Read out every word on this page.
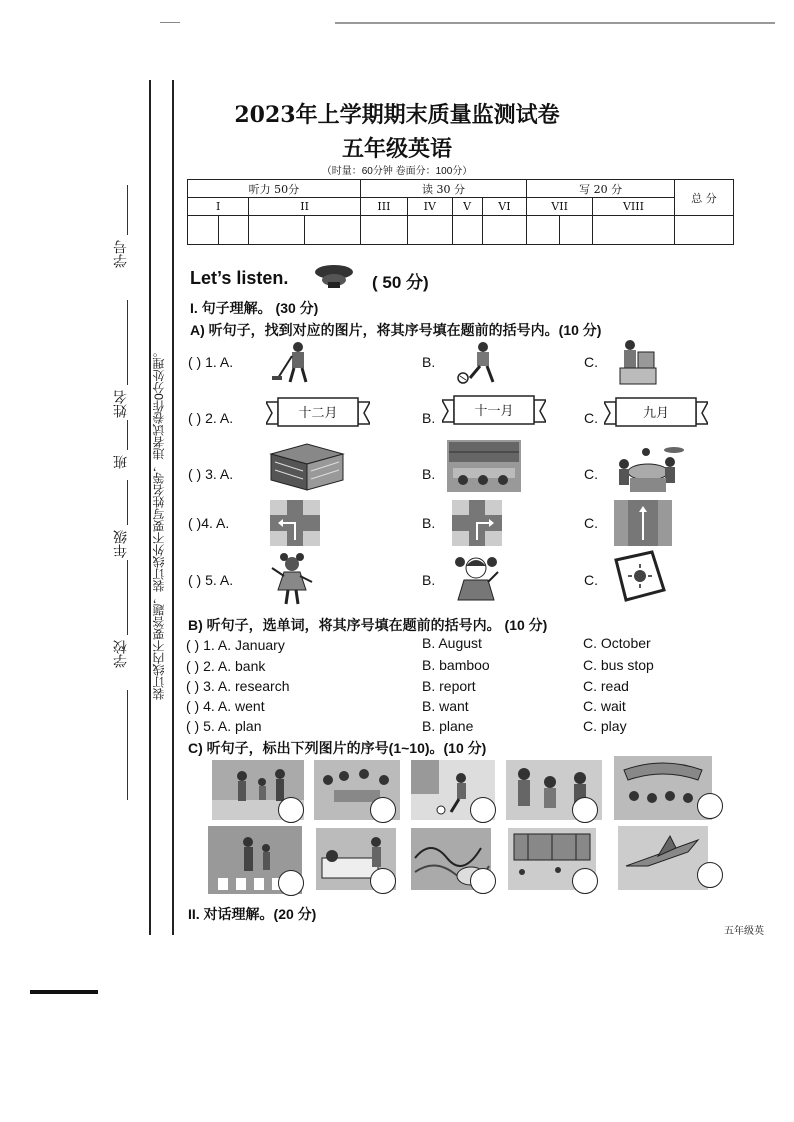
装订线内不要答题，装订线外不要写姓名等，违者试卷作0分处理。
学号
姓名
班
年级
学校
2023年上学期期末质量监测试卷
五年级英语
（时量：60分钟 卷面分：100分）
听力 50分				读 30 分				写 20 分			总 分
I		II		III	IV	V	VI	VII		VIII	

Let’s listen.	( 50 分)
I. 句子理解。 (30 分)
A) 听句子，找到对应的图片，将其序号填在题前的括号内。(10 分)
( ) 1. A.	B.	C.
( ) 2. A.	B.	C.
十二月	十一月	九月
( ) 3. A.	B.	C.
( )4. A.	B.	C.
( ) 5. A.	B.	C.
B) 听句子，选单词，将其序号填在题前的括号内。 (10 分)
( ) 1. A. January	B. August	C. October
( ) 2. A. bank	B. bamboo	C. bus stop
( ) 3. A. research	B. report	C. read
( ) 4. A. went	B. want	C. wait
( ) 5. A. plan	B. plane	C. play
C) 听句子，标出下列图片的序号(1~10)。(10 分)
II. 对话理解。(20 分)
五年级英
